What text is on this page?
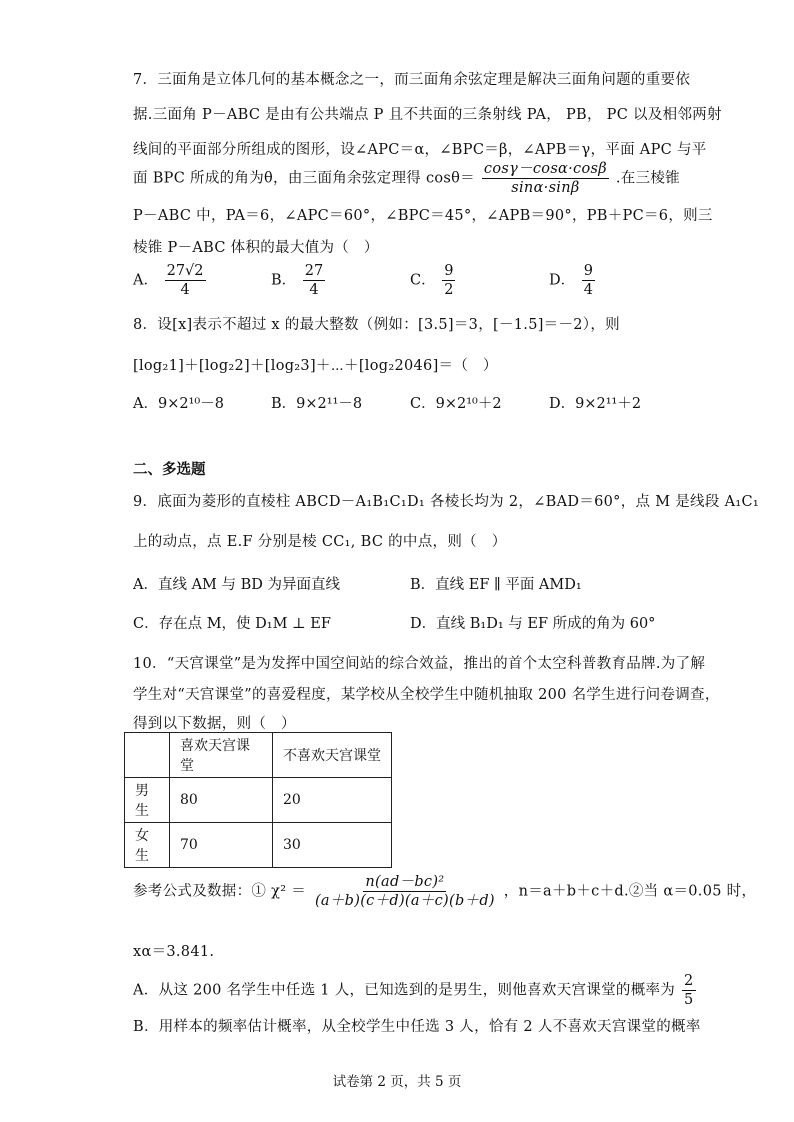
7．三面角是立体几何的基本概念之一，而三面角余弦定理是解决三面角问题的重要依
据.三面角 P－ABC 是由有公共端点 P 且不共面的三条射线 PA， PB， PC 以及相邻两射
线间的平面部分所组成的图形，设∠APC＝α，∠BPC＝β，∠APB＝γ，平面 APC 与平
面 BPC 所成的角为θ，由三面角余弦定理得 $\cos\theta= \frac{\cos\gamma-\cos\alpha\cdot\cos\beta}{\sin\alpha\cdot\sin\beta}$ .在三棱锥
P－ABC 中，PA＝6，∠APC＝60°，∠BPC＝45°，∠APB＝90°，PB＋PC＝6，则三
棱锥 P－ABC 体积的最大值为（　）
A． $\frac{27√2}{4}$	B． $\frac{27}{4}$	C． $\frac{9}{2}$	D． $\frac{9}{4}$
8．设[x]表示不超过 x 的最大整数（例如：[3.5]＝3，[－1.5]＝－2），则
[log₂1]＋[log₂2]＋[log₂3]＋⋯＋[log₂2046]＝（　）
A．9×2¹⁰－8	B．9×2¹¹－8	C．9×2¹⁰＋2	D．9×2¹¹＋2
二、多选题
9．底面为菱形的直棱柱 ABCD－A₁B₁C₁D₁ 各棱长均为 2，∠BAD＝60°，点 M 是线段 A₁C₁
上的动点，点 E.F 分别是棱 CC₁, BC 的中点，则（　）
A．直线 AM 与 BD 为异面直线	B．直线 EF ∥ 平面 AMD₁
C．存在点 M，使 D₁M ⊥ EF	D．直线 B₁D₁ 与 EF 所成的角为 60°
10．“天宫课堂”是为发挥中国空间站的综合效益，推出的首个太空科普教育品牌.为了解
学生对“天宫课堂”的喜爱程度，某学校从全校学生中随机抽取 200 名学生进行问卷调查，
得到以下数据，则（　）
	喜欢天宫课堂	不喜欢天宫课堂
男生	80	20
女生	70	30
参考公式及数据：① $\chi^2 = \frac{\text{n(ad－bc)²}}{(a+b)(c+d)(a+c)(b+d)}$ ，n＝a＋b＋c＋d.②当 α＝0.05 时，
xα＝3.841.
A．从这 200 名学生中任选 1 人，已知选到的是男生，则他喜欢天宫课堂的概率为 $\frac{2}{5}$
B．用样本的频率估计概率，从全校学生中任选 3 人，恰有 2 人不喜欢天宫课堂的概率
试卷第 2 页，共 5 页
